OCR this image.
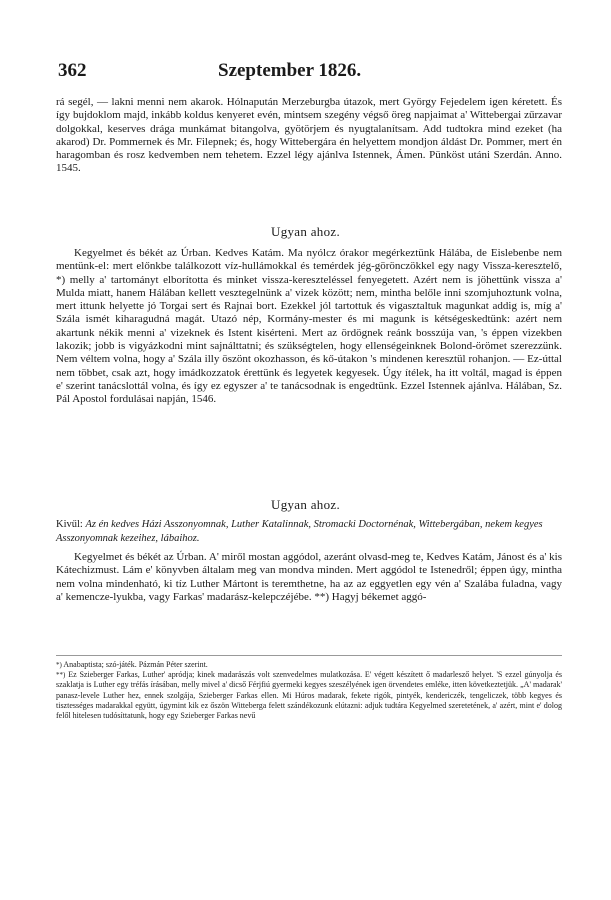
362	Szeptember 1826.

rá segél, — lakni menni nem akarok. Hólnapután Merzeburgba útazok, mert György Fejedelem igen kéretett. És így bujdoklom majd, inkább koldus kenyeret evén, mintsem szegény végső öreg napjaimat a' Wittebergai zűrzavar dolgokkal, keserves drága munkámat bitangolva, gyötörjem és nyugtalanítsam. Add tudtokra mind ezeket (ha akarod) Dr. Pommernek és Mr. Filepnek; és, hogy Wittebergára én helyettem mondjon áldást Dr. Pommer, mert én haragomban és rosz kedvemben nem tehetem. Ezzel légy ajánlva Istennek, Ámen. Pünköst utáni Szerdán. Anno. 1545.

Ugyan ahoz.

Kegyelmet és békét az Úrban. Kedves Katám. Ma nyólcz órakor megérkeztünk Hálába, de Eislebenbe nem mentünk-el: mert előnkbe találkozott víz-hullámokkal és temérdek jég-görönczökkel egy nagy Vissza-keresztelő, *) melly a' tartományt elborította és minket vissza-kereszteléssel fenyegetett. Azért nem is jöhettünk vissza a' Mulda miatt, hanem Hálában kellett vesztegelnünk a' vizek között; nem, mintha belőle inni szomjuhoztunk volna, mert ittunk helyette jó Torgai sert és Rajnai bort. Ezekkel jól tartottuk és vigasztaltuk magunkat addig is, míg a' Szála ismét kiharagudná magát. Utazó nép, Kormány-mester és mi magunk is kétségeskedtünk: azért nem akartunk nékik menni a' vizeknek és Istent kisérteni. Mert az ördögnek reánk bosszúja van, 's éppen vizekben lakozik; jobb is vigyázkodni mint sajnálttatni; és szükségtelen, hogy ellenségeinknek Bolond-örömet szerezzünk. Nem véltem volna, hogy a' Szála illy öszönt okozhasson, és kő-útakon 's mindenen keresztül rohanjon. — Ez-úttal nem többet, csak azt, hogy imádkozzatok érettünk és legyetek kegyesek. Úgy ítélek, ha itt voltál, magad is éppen e' szerint tanácslottál volna, és így ez egyszer a' te tanácsodnak is engedtünk. Ezzel Istennek ajánlva. Hálában, Sz. Pál Apostol fordulásai napján, 1546.

Ugyan ahoz.
Kivűl: Az én kedves Házi Asszonyomnak, Luther Katalinnak, Stromacki Doctornénak, Wittebergában, nekem kegyes Asszonyomnak kezeihez, lábaihoz.

Kegyelmet és békét az Úrban. A' miről mostan aggódol, azeránt olvasd-meg te, Kedves Katám, Jánost és a' kis Kátechizmust. Lám e' könyvben általam meg van mondva minden. Mert aggódol te Istenedről; éppen úgy, mintha nem volna mindenható, ki tíz Luther Mártont is teremthetne, ha az az eggyetlen egy vén a' Szalába fuladna, vagy a' kemencze-lyukba, vagy Farkas' madarász-kelepczéjébe. **) Hagyj békemet aggó-

*) Anabaptista; szó-játék. Pázmán Péter szerint.

**) Ez Szieberger Farkas, Luther' apródja; kinek madarászás volt szenvedelmes mulatkozása. E' végett készített ő madarlesző helyet. 'S ezzel gúnyolja és szaklatja is Luther egy tréfás írásában, melly mivel a' dicső Férjfiú gyermeki kegyes szeszélyének igen örvendetes emléke, itten következtetjük. „A' madarak' panasz-levele Luther hez, ennek szolgája, Szieberger Farkas ellen. Mi Húros madarak, fekete rigók, pintyék, kendericzék, tengeliczek, több kegyes és tisztességes madarakkal együtt, úgymint kik ez őszön Witteberga felett szándékozunk elútazni: adjuk tudtára Kegyelmed szeretetének, a' azért, mint e' dolog felől hitelesen tudósíttatunk, hogy egy Szieberger Farkas nevű
